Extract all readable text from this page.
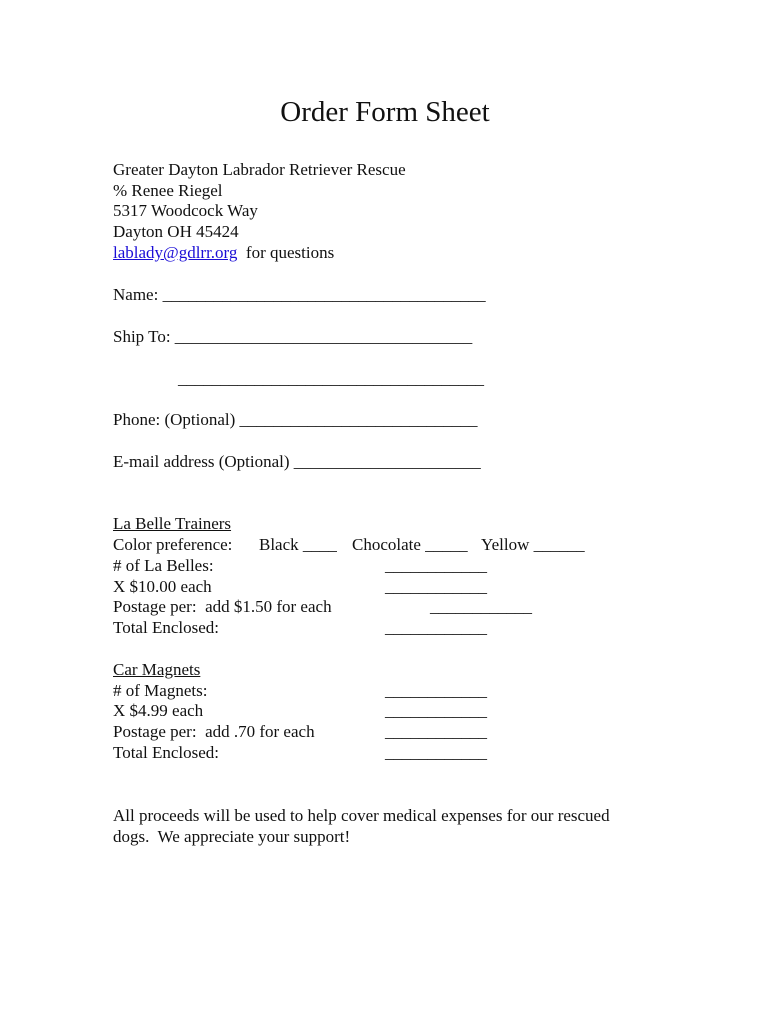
Order Form Sheet
Greater Dayton Labrador Retriever Rescue
% Renee Riegel
5317 Woodcock Way
Dayton OH 45424
lablady@gdlrr.org  for questions
Name: ______________________________________
Ship To: ___________________________________
____________________________________
Phone: (Optional) ____________________________
E-mail address (Optional) ______________________
La Belle Trainers
Color preference: Black ____ Chocolate _____ Yellow ______
# of La Belles:	____________
X $10.00 each	____________
Postage per:  add $1.50 for each	____________
Total Enclosed:	____________
Car Magnets
# of Magnets:	____________
X $4.99 each	____________
Postage per:  add .70 for each	____________
Total Enclosed:	____________
All proceeds will be used to help cover medical expenses for our rescued
dogs.  We appreciate your support!
